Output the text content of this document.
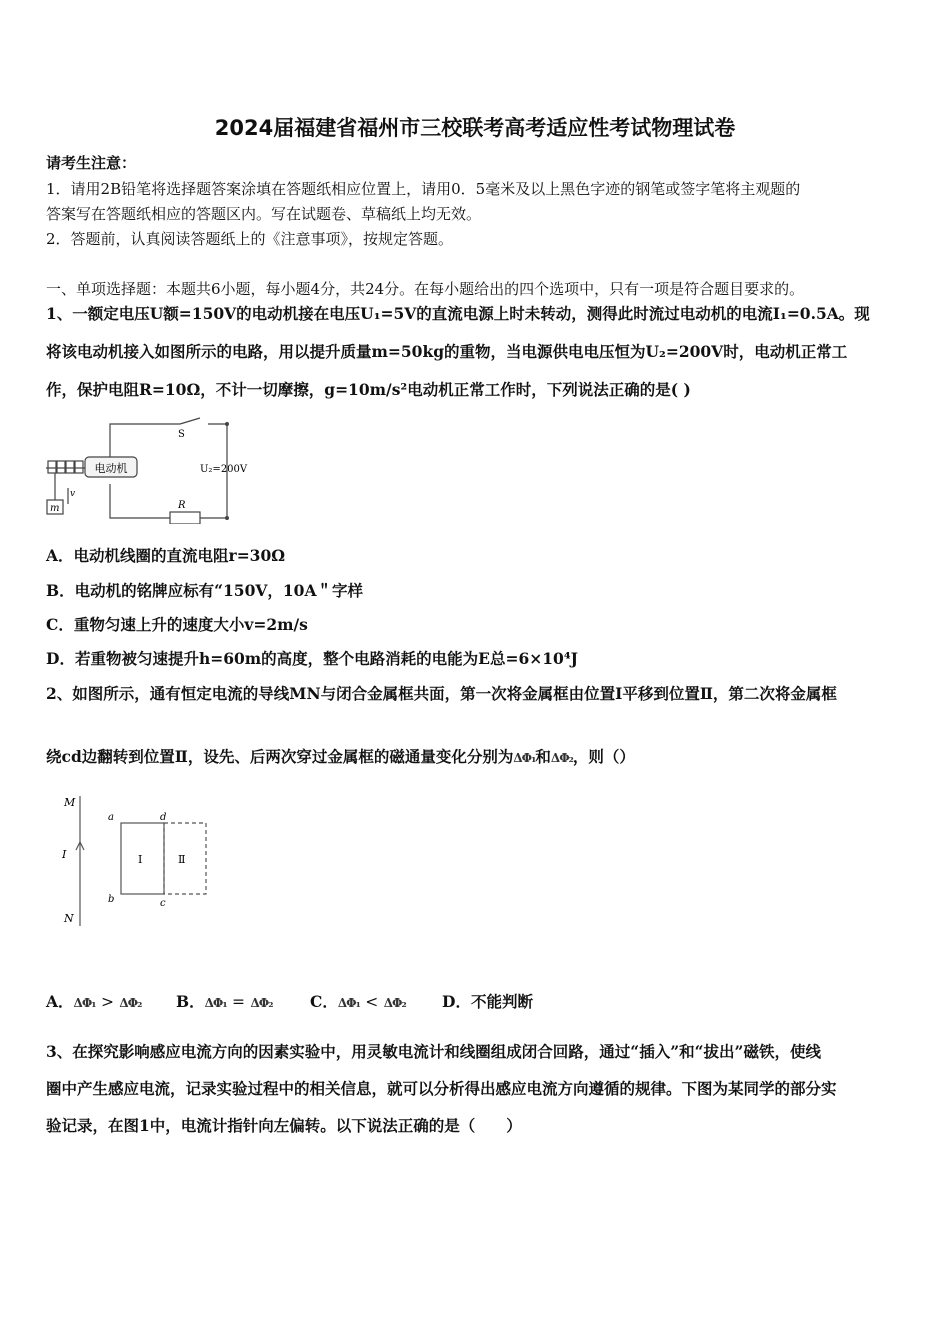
2024届福建省福州市三校联考高考适应性考试物理试卷
请考生注意：
1．请用2B铅笔将选择题答案涂填在答题纸相应位置上，请用0．5毫米及以上黑色字迹的钢笔或签字笔将主观题的
答案写在答题纸相应的答题区内。写在试题卷、草稿纸上均无效。
2．答题前，认真阅读答题纸上的《注意事项》，按规定答题。
一、单项选择题：本题共6小题，每小题4分，共24分。在每小题给出的四个选项中，只有一项是符合题目要求的。
1、一额定电压U额=150V的电动机接在电压U₁=5V的直流电源上时未转动，测得此时流过电动机的电流I₁=0.5A。现
将该电动机接入如图所示的电路，用以提升质量m=50kg的重物，当电源供电电压恒为U₂=200V时，电动机正常工
作，保护电阻R=10Ω，不计一切摩擦，g=10m/s²电动机正常工作时，下列说法正确的是( )
电动机
S
U₂=200V
R
m
v
A．电动机线圈的直流电阻r=30Ω
B．电动机的铭牌应标有“150V，10A＂字样
C．重物匀速上升的速度大小v=2m/s
D．若重物被匀速提升h=60m的高度，整个电路消耗的电能为E总=6×10⁴J
2、如图所示，通有恒定电流的导线MN与闭合金属框共面，第一次将金属框由位置Ⅰ平移到位置Ⅱ，第二次将金属框
绕cd边翻转到位置Ⅱ，设先、后两次穿过金属框的磁通量变化分别为ΔΦ₁和ΔΦ₂，则（）
M
N
I
a	d
b	c
Ⅰ	Ⅱ
A．ΔΦ₁ > ΔΦ₂ B．ΔΦ₁ = ΔΦ₂ C．ΔΦ₁ < ΔΦ₂ D．不能判断
3、在探究影响感应电流方向的因素实验中，用灵敏电流计和线圈组成闭合回路，通过“插入”和“拔出”磁铁，使线
圈中产生感应电流，记录实验过程中的相关信息，就可以分析得出感应电流方向遵循的规律。下图为某同学的部分实
验记录，在图1中，电流计指针向左偏转。以下说法正确的是（　　）
